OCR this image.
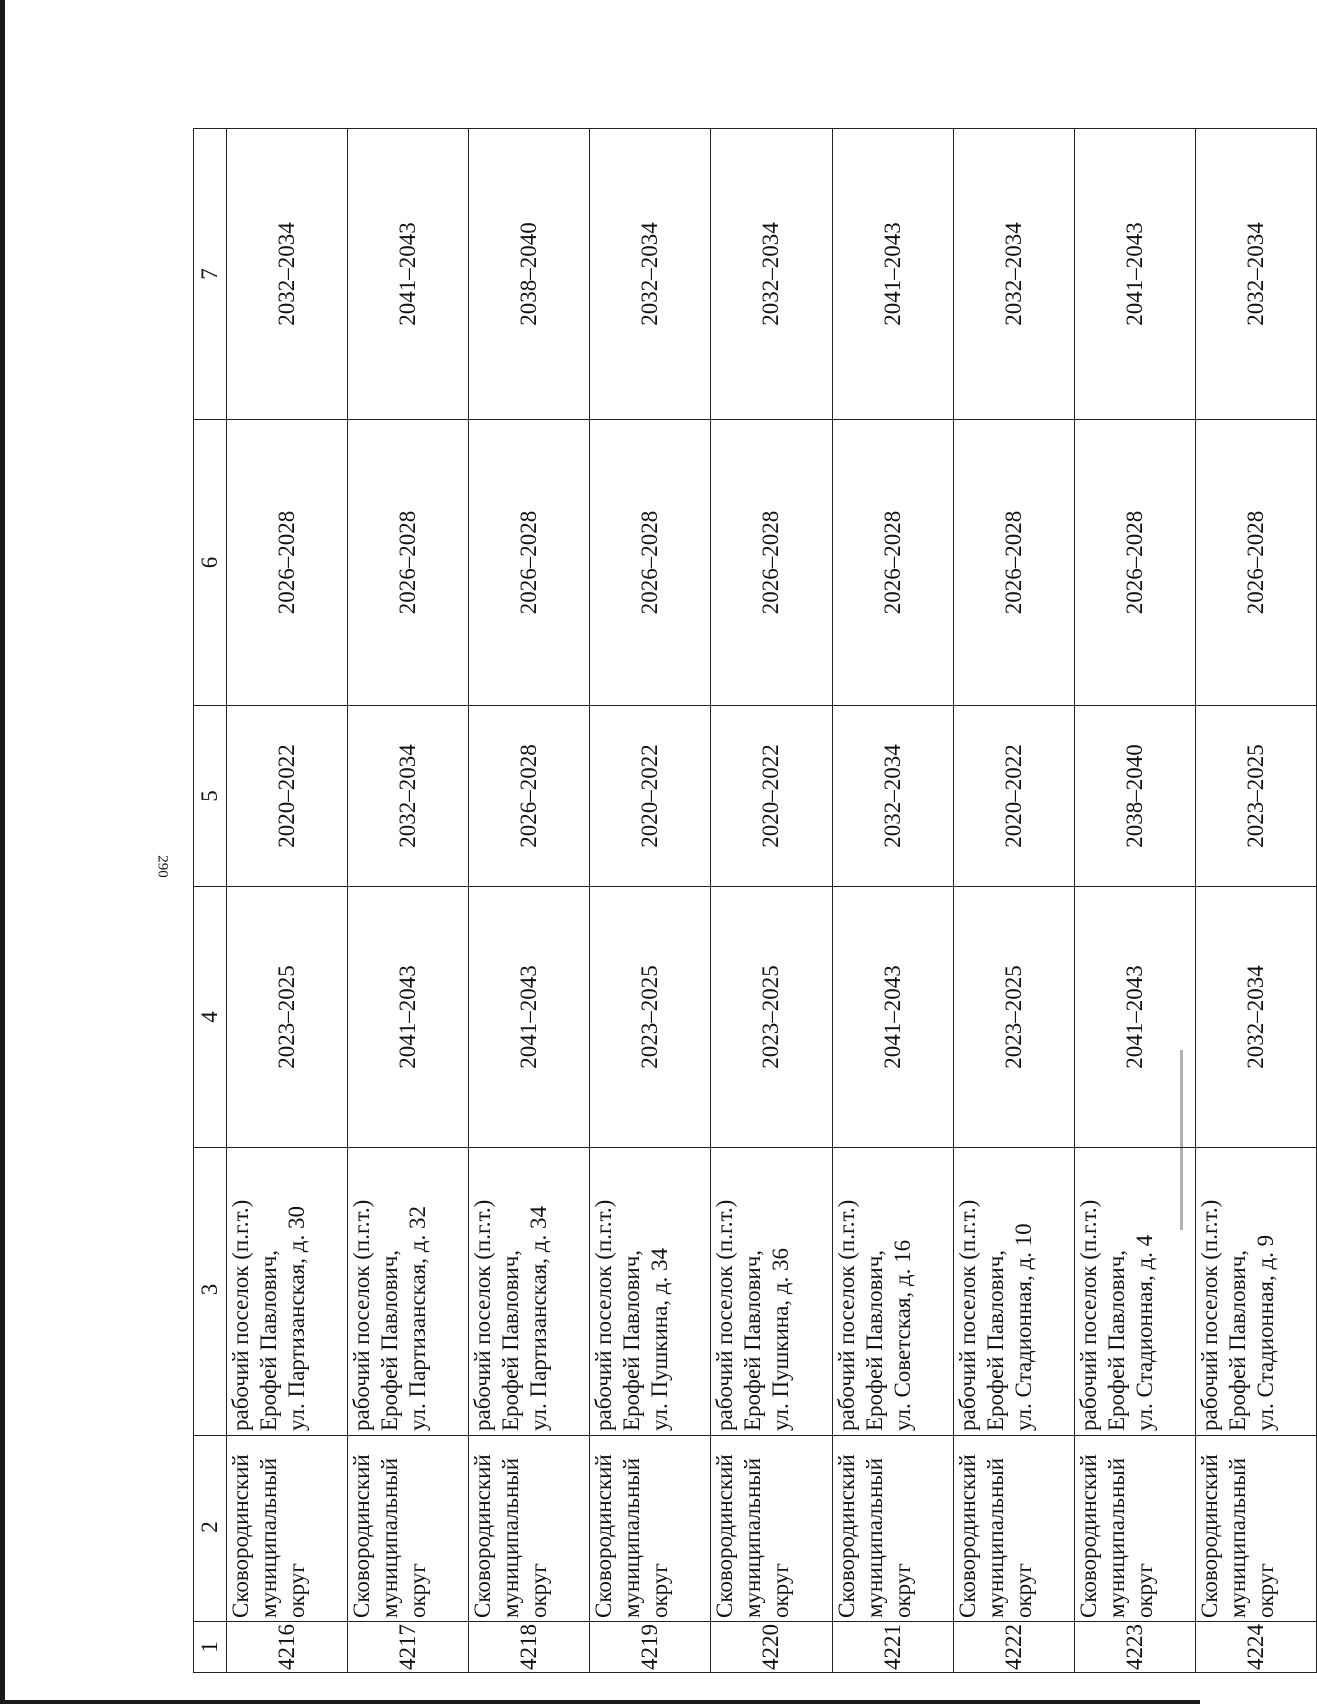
290
1	2	3	4	5	6	7
4216	Сковородинский муниципальный округ	рабочий поселок (п.г.т.) Ерофей Павлович, ул. Партизанская, д. 30	2023–2025	2020–2022	2026–2028	2032–2034
4217	Сковородинский муниципальный округ	рабочий поселок (п.г.т.) Ерофей Павлович, ул. Партизанская, д. 32	2041–2043	2032–2034	2026–2028	2041–2043
4218	Сковородинский муниципальный округ	рабочий поселок (п.г.т.) Ерофей Павлович, ул. Партизанская, д. 34	2041–2043	2026–2028	2026–2028	2038–2040
4219	Сковородинский муниципальный округ	рабочий поселок (п.г.т.) Ерофей Павлович, ул. Пушкина, д. 34	2023–2025	2020–2022	2026–2028	2032–2034
4220	Сковородинский муниципальный округ	рабочий поселок (п.г.т.) Ерофей Павлович, ул. Пушкина, д. 36	2023–2025	2020–2022	2026–2028	2032–2034
4221	Сковородинский муниципальный округ	рабочий поселок (п.г.т.) Ерофей Павлович, ул. Советская, д. 16	2041–2043	2032–2034	2026–2028	2041–2043
4222	Сковородинский муниципальный округ	рабочий поселок (п.г.т.) Ерофей Павлович, ул. Стадионная, д. 10	2023–2025	2020–2022	2026–2028	2032–2034
4223	Сковородинский муниципальный округ	рабочий поселок (п.г.т.) Ерофей Павлович, ул. Стадионная, д. 4	2041–2043	2038–2040	2026–2028	2041–2043
4224	Сковородинский муниципальный округ	рабочий поселок (п.г.т.) Ерофей Павлович, ул. Стадионная, д. 9	2032–2034	2023–2025	2026–2028	2032–2034
